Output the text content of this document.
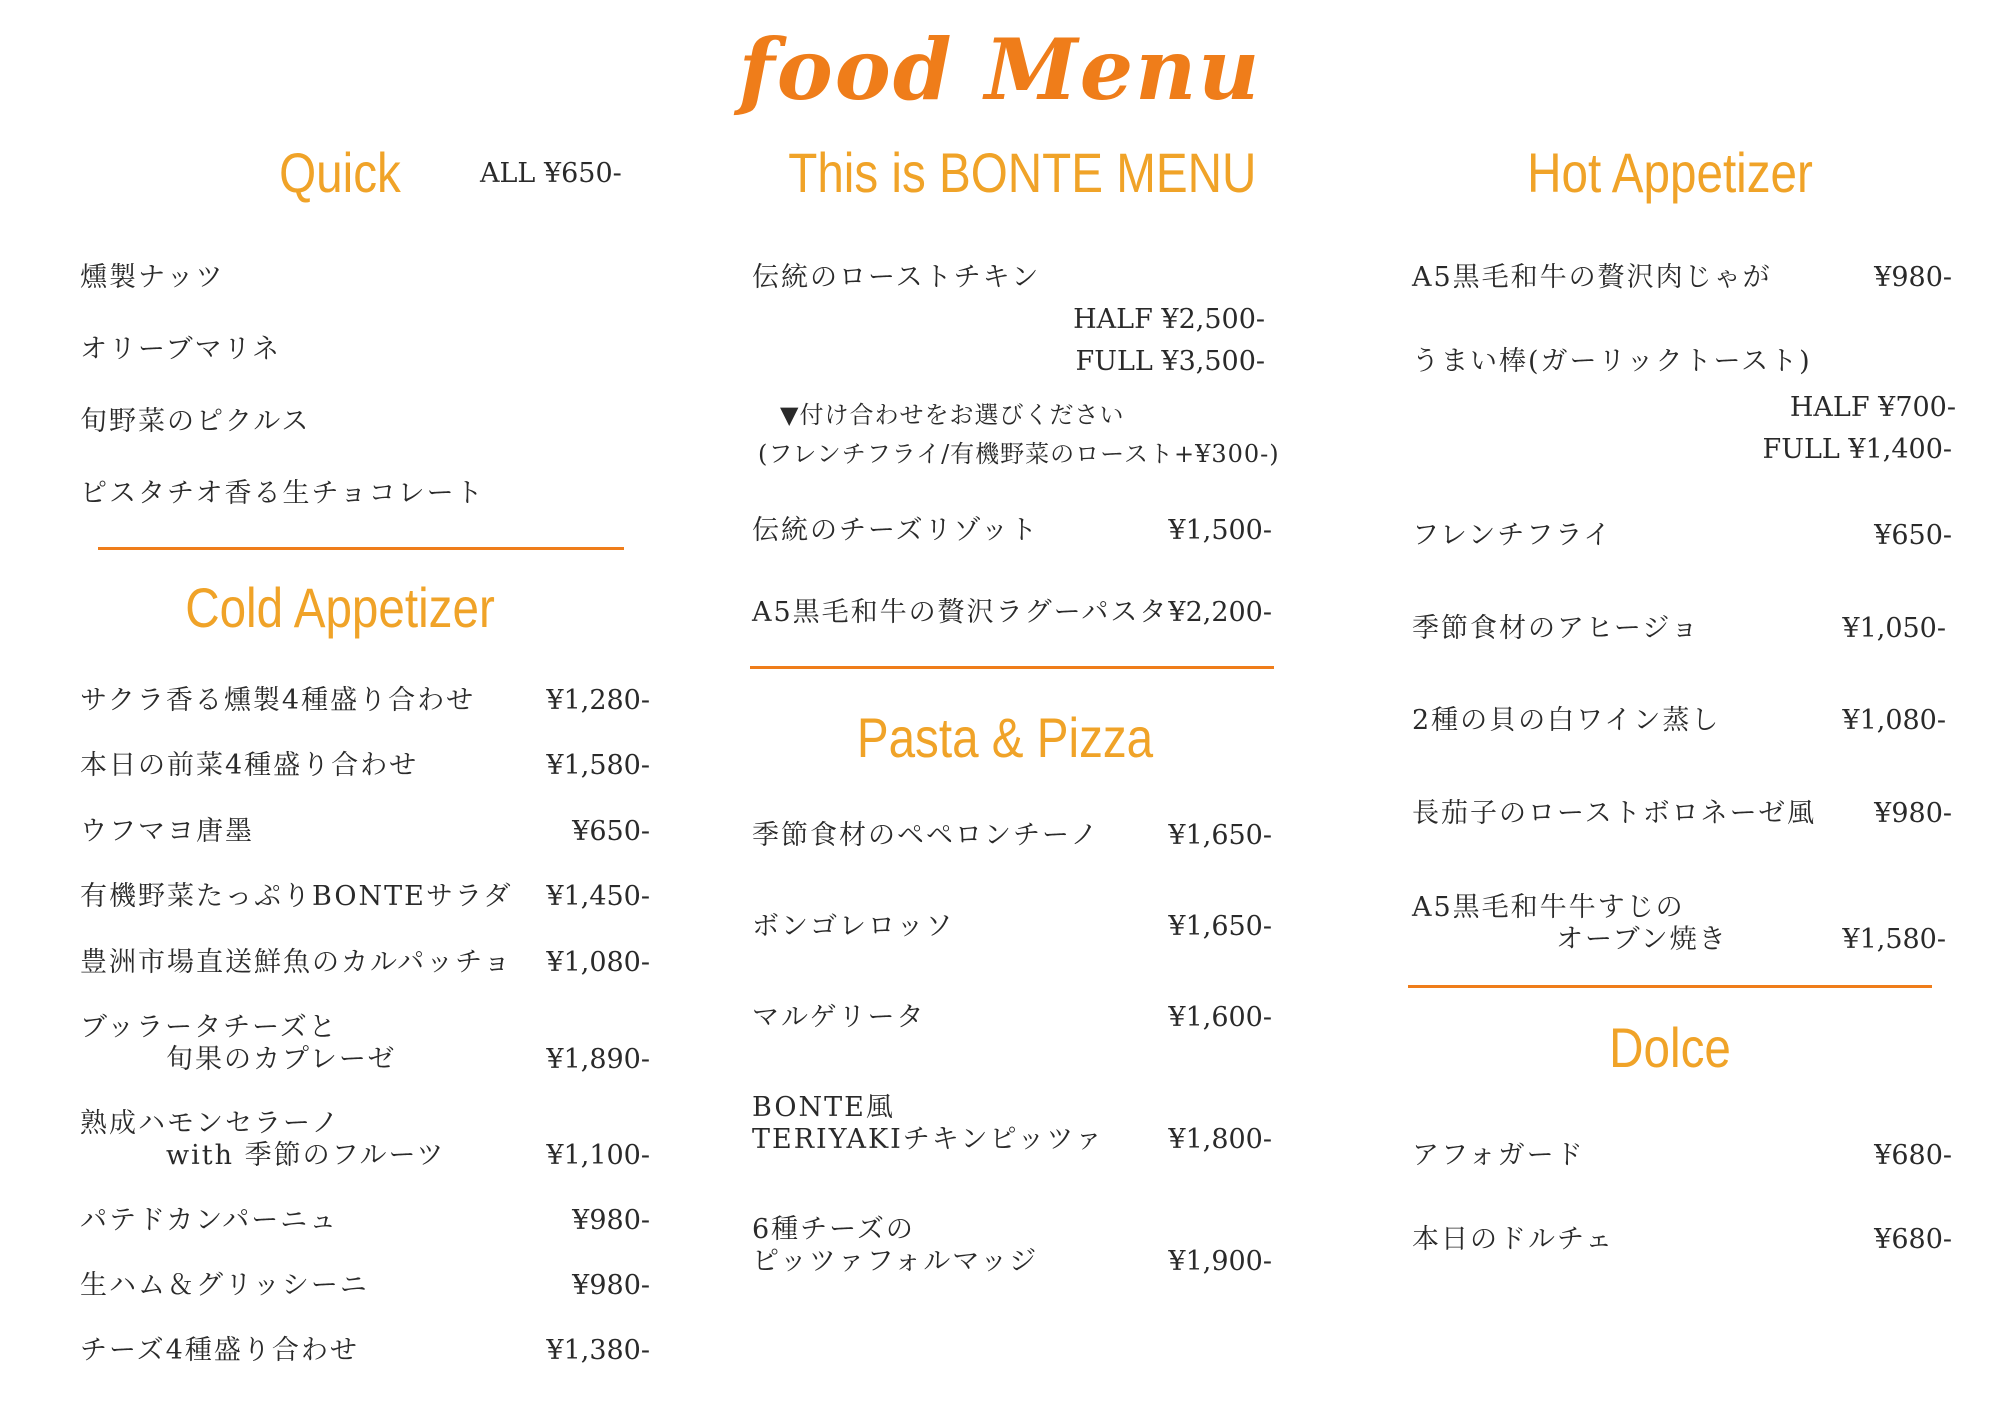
food Menu
Quick	ALL ¥650-
燻製ナッツ
オリーブマリネ
旬野菜のピクルス
ピスタチオ香る生チョコレート
Cold Appetizer
サクラ香る燻製4種盛り合わせ	¥1,280-
本日の前菜4種盛り合わせ	¥1,580-
ウフマヨ唐墨	¥650-
有機野菜たっぷりBONTEサラダ ¥1,450-
豊洲市場直送鮮魚のカルパッチョ ¥1,080-
ブッラータチーズと
旬果のカプレーゼ	¥1,890-
熟成ハモンセラーノ
with 季節のフルーツ	¥1,100-
パテドカンパーニュ	¥980-
生ハム＆グリッシーニ	¥980-
チーズ4種盛り合わせ	¥1,380-
This is BONTE MENU
伝統のローストチキン
HALF ¥2,500-
FULL ¥3,500-
▼付け合わせをお選びください
(フレンチフライ/有機野菜のロースト+¥300-)
伝統のチーズリゾット	¥1,500-
A5黒毛和牛の贅沢ラグーパスタ ¥2,200-
Pasta & Pizza
季節食材のペペロンチーノ	¥1,650-
ボンゴレロッソ	¥1,650-
マルゲリータ	¥1,600-
BONTE風
TERIYAKIチキンピッツァ ¥1,800-
6種チーズの
ピッツァフォルマッジ	¥1,900-
Hot Appetizer
A5黒毛和牛の贅沢肉じゃが	¥980-
うまい棒(ガーリックトースト)
HALF ¥700-
FULL ¥1,400-
フレンチフライ	¥650-
季節食材のアヒージョ	¥1,050-
2種の貝の白ワイン蒸し	¥1,080-
長茄子のローストボロネーゼ風 ¥980-
A5黒毛和牛牛すじの
オーブン焼き	¥1,580-
Dolce
アフォガード	¥680-
本日のドルチェ	¥680-
